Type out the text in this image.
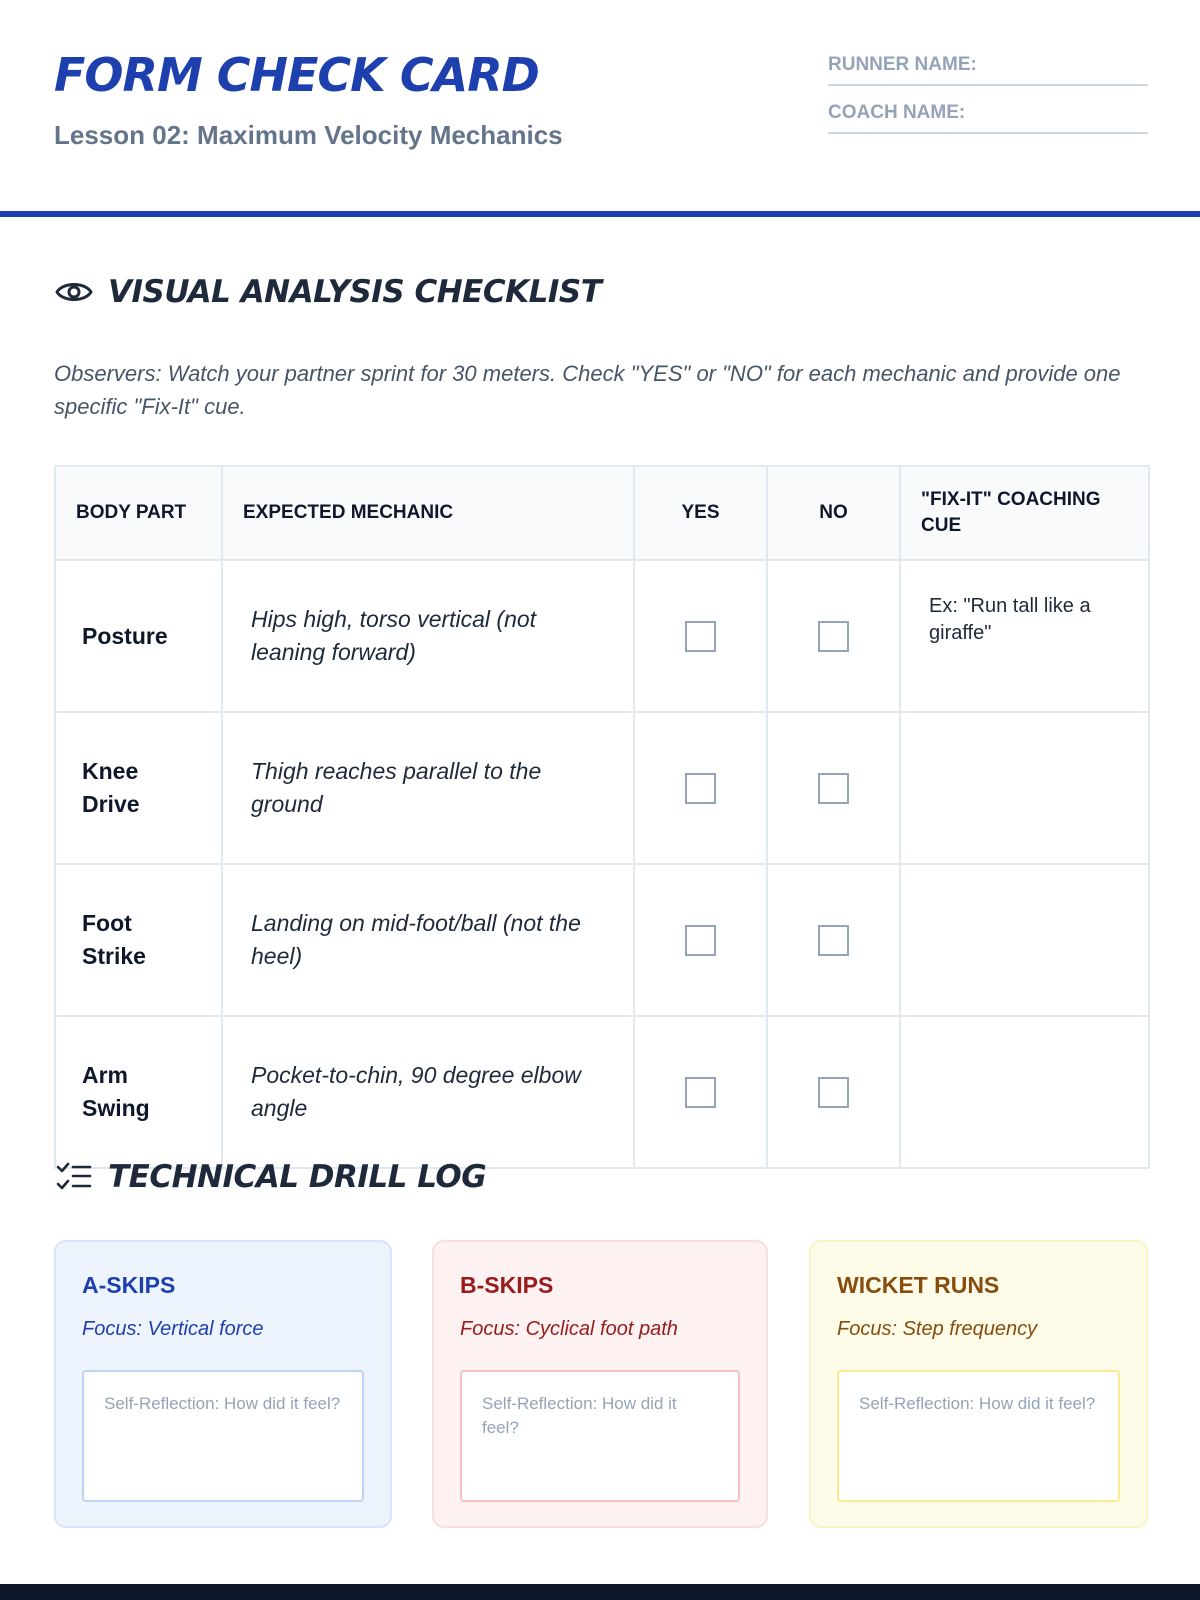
FORM CHECK CARD
Lesson 02: Maximum Velocity Mechanics
RUNNER NAME:
COACH NAME:
VISUAL ANALYSIS CHECKLIST
Observers: Watch your partner sprint for 30 meters. Check "YES" or "NO" for each mechanic and provide one specific "Fix-It" cue.
BODY PART	EXPECTED MECHANIC	YES	NO	"FIX-IT" COACHING CUE
Posture	Hips high, torso vertical (not leaning forward)			Ex: "Run tall like a giraffe"
Knee Drive	Thigh reaches parallel to the ground			
Foot Strike	Landing on mid-foot/ball (not the heel)			
Arm Swing	Pocket-to-chin, 90 degree elbow angle			
TECHNICAL DRILL LOG
A-SKIPS
Focus: Vertical force
Self-Reflection: How did it feel?
B-SKIPS
Focus: Cyclical foot path
Self-Reflection: How did it feel?
WICKET RUNS
Focus: Step frequency
Self-Reflection: How did it feel?
